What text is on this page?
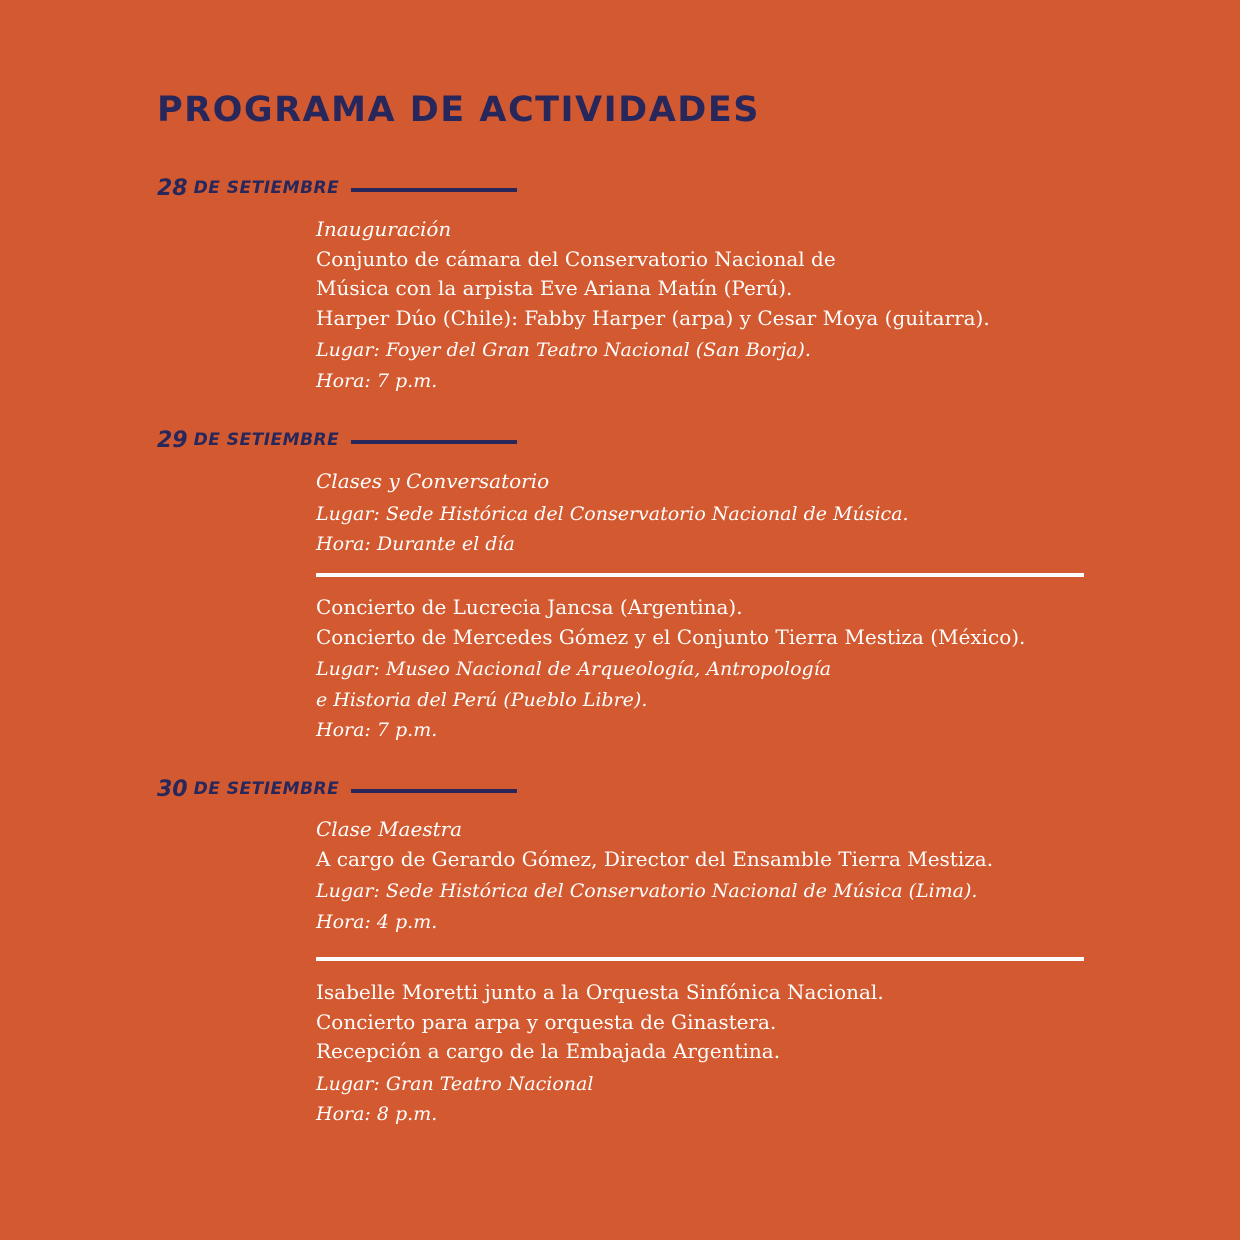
PROGRAMA DE ACTIVIDADES
28 DE SETIEMBRE
Inauguración
Conjunto de cámara del Conservatorio Nacional de
Música con la arpista Eve Ariana Matín (Perú).
Harper Dúo (Chile): Fabby Harper (arpa) y Cesar Moya (guitarra).
Lugar: Foyer del Gran Teatro Nacional (San Borja).
Hora: 7 p.m.
29 DE SETIEMBRE
Clases y Conversatorio
Lugar: Sede Histórica del Conservatorio Nacional de Música.
Hora: Durante el día
Concierto de Lucrecia Jancsa (Argentina).
Concierto de Mercedes Gómez y el Conjunto Tierra Mestiza (México).
Lugar: Museo Nacional de Arqueología, Antropología
e Historia del Perú (Pueblo Libre).
Hora: 7 p.m.
30 DE SETIEMBRE
Clase Maestra
A cargo de Gerardo Gómez, Director del Ensamble Tierra Mestiza.
Lugar: Sede Histórica del Conservatorio Nacional de Música (Lima).
Hora: 4 p.m.
Isabelle Moretti junto a la Orquesta Sinfónica Nacional.
Concierto para arpa y orquesta de Ginastera.
Recepción a cargo de la Embajada Argentina.
Lugar: Gran Teatro Nacional
Hora: 8 p.m.
